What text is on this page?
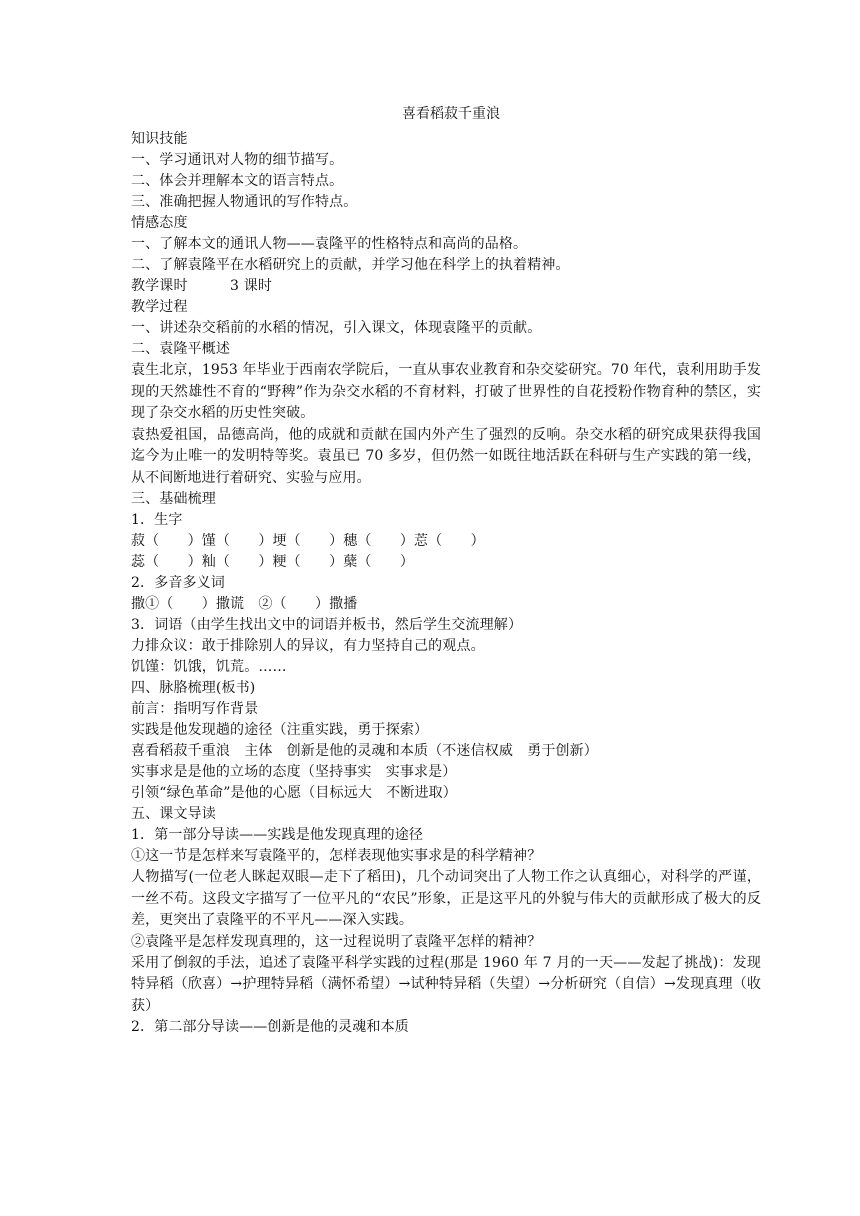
喜看稻菽千重浪
知识技能
一、学习通讯对人物的细节描写。
二、体会并理解本文的语言特点。
三、准确把握人物通讯的写作特点。
情感态度
一、了解本文的通讯人物——袁隆平的性格特点和高尚的品格。
二、了解袁隆平在水稻研究上的贡献，并学习他在科学上的执着精神。
教学课时　　　3 课时
教学过程
一、讲述杂交稻前的水稻的情况，引入课文，体现袁隆平的贡献。
二、袁隆平概述
袁生北京，1953 年毕业于西南农学院后，一直从事农业教育和杂交娑研究。70 年代，袁利用助手发现的天然雄性不育的“野稗”作为杂交水稻的不育材料，打破了世界性的自花授粉作物育种的禁区，实现了杂交水稻的历史性突破。
袁热爱祖国，品德高尚，他的成就和贡献在国内外产生了强烈的反响。杂交水稻的研究成果获得我国迄今为止唯一的发明特等奖。袁虽已 70 多岁，但仍然一如既往地活跃在科研与生产实践的第一线，从不间断地进行着研究、实验与应用。
三、基础梳理
1．生字
菽（　　）馑（　　）埂（　　）穗（　　）莣（　　）
蕊（　　）籼（　　）粳（　　）蘖（　　）
2．多音多义词
撒①（　　）撒谎　②（　　）撒播
3．词语（由学生找出文中的词语并板书，然后学生交流理解）
力排众议：敢于排除别人的异议，有力坚持自己的观点。
饥馑：饥饿，饥荒。……
四、脉胳梳理(板书)
前言：指明写作背景
实践是他发现趟的途径（注重实践，勇于探索）
喜看稻菽千重浪　主体　创新是他的灵魂和本质（不迷信权威　勇于创新）
实事求是是他的立场的态度（坚持事实　实事求是）
引领“绿色革命”是他的心愿（目标远大　不断进取）
五、课文导读
1．第一部分导读——实践是他发现真理的途径
①这一节是怎样来写袁隆平的，怎样表现他实事求是的科学精神？
人物描写(一位老人眯起双眼—走下了稻田)，几个动词突出了人物工作之认真细心，对科学的严谨，一丝不苟。这段文字描写了一位平凡的“农民”形象，正是这平凡的外貌与伟大的贡献形成了极大的反差，更突出了袁隆平的不平凡——深入实践。
②袁隆平是怎样发现真理的，这一过程说明了袁隆平怎样的精神？
采用了倒叙的手法，追述了袁隆平科学实践的过程(那是 1960 年 7 月的一天——发起了挑战)：发现特异稻（欣喜）→护理特异稻（满怀希望）→试种特异稻（失望）→分析研究（自信）→发现真理（收获）
2．第二部分导读——创新是他的灵魂和本质
